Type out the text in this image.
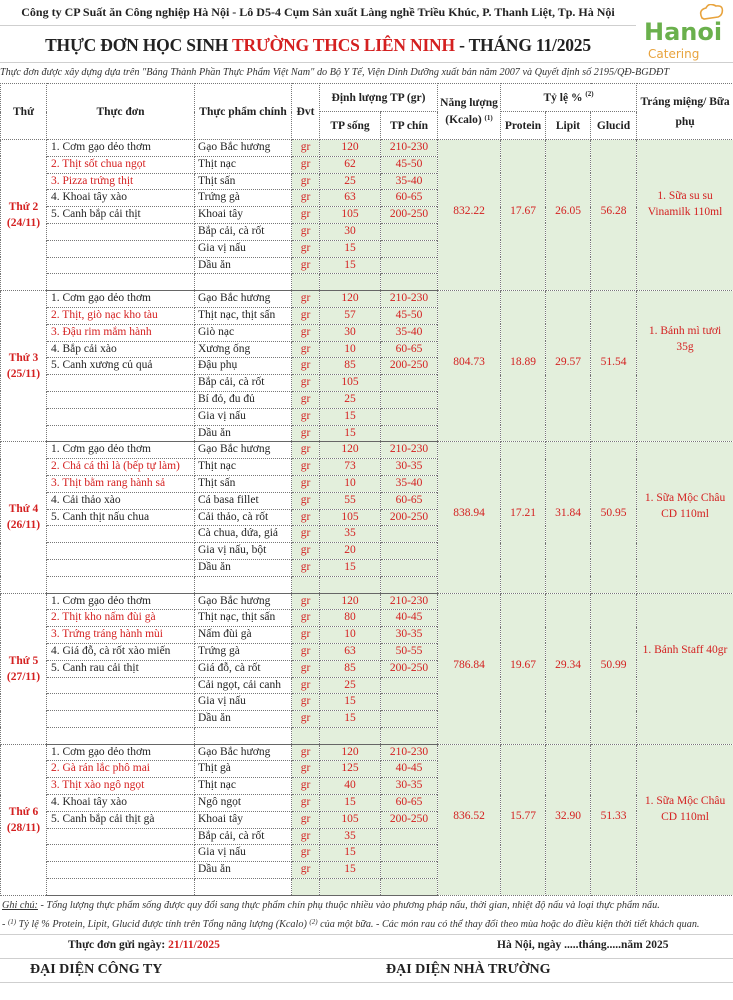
Công ty CP Suất ăn Công nghiệp Hà Nội - Lô D5-4 Cụm Sản xuất Làng nghề Triều Khúc, P. Thanh Liệt, Tp. Hà Nội
THỰC ĐƠN HỌC SINH TRƯỜNG THCS LIÊN NINH - THÁNG 11/2025	Hanoi
Catering
Thực đơn được xây dựng dựa trên "Bảng Thành Phần Thực Phẩm Việt Nam" do Bộ Y Tế, Viện Dinh Dưỡng xuất bản năm 2007 và Quyết định số 2195/QĐ-BGDĐT
Thứ	Thực đơn	Thực phẩm chính	Đvt	Định lượng TP (gr)		Năng lượng (Kcalo) $^{(1)}$	Tỷ lệ % $^{(2)}$			Tráng miệng/ Bữa phụ
				TP sống	TP chín		Protein	Lipit	Glucid	

Thứ 2
(24/11)	1. Cơm gạo dẻo thơm	Gạo Bắc hương	gr	120	210-230	832.22	17.67	26.05	56.28	1. Sữa su su Vinamilk 110ml
	2. Thịt sốt chua ngọt	Thịt nạc	gr	62	45-50					
	3. Pizza trứng thịt	Thịt sấn	gr	25	35-40					
	4. Khoai tây xào	Trứng gà	gr	63	60-65					
	5. Canh bắp cải thịt	Khoai tây	gr	105	200-250					
		Bắp cải, cà rốt	gr	30						
		Gia vị nấu	gr	15						
		Dầu ăn	gr	15						

Thứ 3
(25/11)	1. Cơm gạo dẻo thơm	Gạo Bắc hương	gr	120	210-230	804.73	18.89	29.57	51.54	1. Bánh mì tươi 35g
	2. Thịt, giò nạc kho tàu	Thịt nạc, thịt sấn	gr	57	45-50					
	3. Đậu rim mắm hành	Giò nạc	gr	30	35-40					
	4. Bắp cải xào	Xương ống	gr	10	60-65					
	5. Canh xương củ quả	Đậu phụ	gr	85	200-250					
		Bắp cải, cà rốt	gr	105						
		Bí đỏ, đu đủ	gr	25						
		Gia vị nấu	gr	15						
		Dầu ăn	gr	15						

Thứ 4
(26/11)	1. Cơm gạo dẻo thơm	Gạo Bắc hương	gr	120	210-230	838.94	17.21	31.84	50.95	1. Sữa Mộc Châu CD 110ml
	2. Chả cá thì là (bếp tự làm)	Thịt nạc	gr	73	30-35					
	3. Thịt bằm rang hành sả	Thịt sấn	gr	10	35-40					
	4. Cải thảo xào	Cá basa fillet	gr	55	60-65					
	5. Canh thịt nấu chua	Cải thảo, cà rốt	gr	105	200-250					
		Cà chua, dứa, giá	gr	35						
		Gia vị nấu, bột	gr	20						
		Dầu ăn	gr	15						

Thứ 5
(27/11)	1. Cơm gạo dẻo thơm	Gạo Bắc hương	gr	120	210-230	786.84	19.67	29.34	50.99	1. Bánh Staff 40gr
	2. Thịt kho nấm đùi gà	Thịt nạc, thịt sấn	gr	80	40-45					
	3. Trứng tráng hành mùi	Nấm đùi gà	gr	10	30-35					
	4. Giá đỗ, cà rốt xào miến	Trứng gà	gr	63	50-55					
	5. Canh rau cải thịt	Giá đỗ, cà rốt	gr	85	200-250					
		Cải ngọt, cải canh	gr	25						
		Gia vị nấu	gr	15						
		Dầu ăn	gr	15						

Thứ 6
(28/11)	1. Cơm gạo dẻo thơm	Gạo Bắc hương	gr	120	210-230	836.52	15.77	32.90	51.33	1. Sữa Mộc Châu CD 110ml
	2. Gà rán lắc phô mai	Thịt gà	gr	125	40-45					
	3. Thịt xào ngô ngọt	Thịt nạc	gr	40	30-35					
	4. Khoai tây xào	Ngô ngọt	gr	15	60-65					
	5. Canh bắp cải thịt gà	Khoai tây	gr	105	200-250					
		Bắp cải, cà rốt	gr	35						
		Gia vị nấu	gr	15						
		Dầu ăn	gr	15						

Ghi chú: - Tổng lượng thực phẩm sống được quy đổi sang thực phẩm chín phụ thuộc nhiều vào phương pháp nấu, thời gian, nhiệt độ nấu và loại thực phẩm nấu.
- $^{(1)}$ Tỷ lệ % Protein, Lipit, Glucid được tính trên Tổng năng lượng (Kcalo) $^{(2)}$ của một bữa. - Các món rau có thể thay đổi theo mùa hoặc do điều kiện thời tiết khách quan.
Thực đơn gửi ngày: 21/11/2025	Hà Nội, ngày .....tháng.....năm 2025
ĐẠI DIỆN CÔNG TY	ĐẠI DIỆN NHÀ TRƯỜNG
